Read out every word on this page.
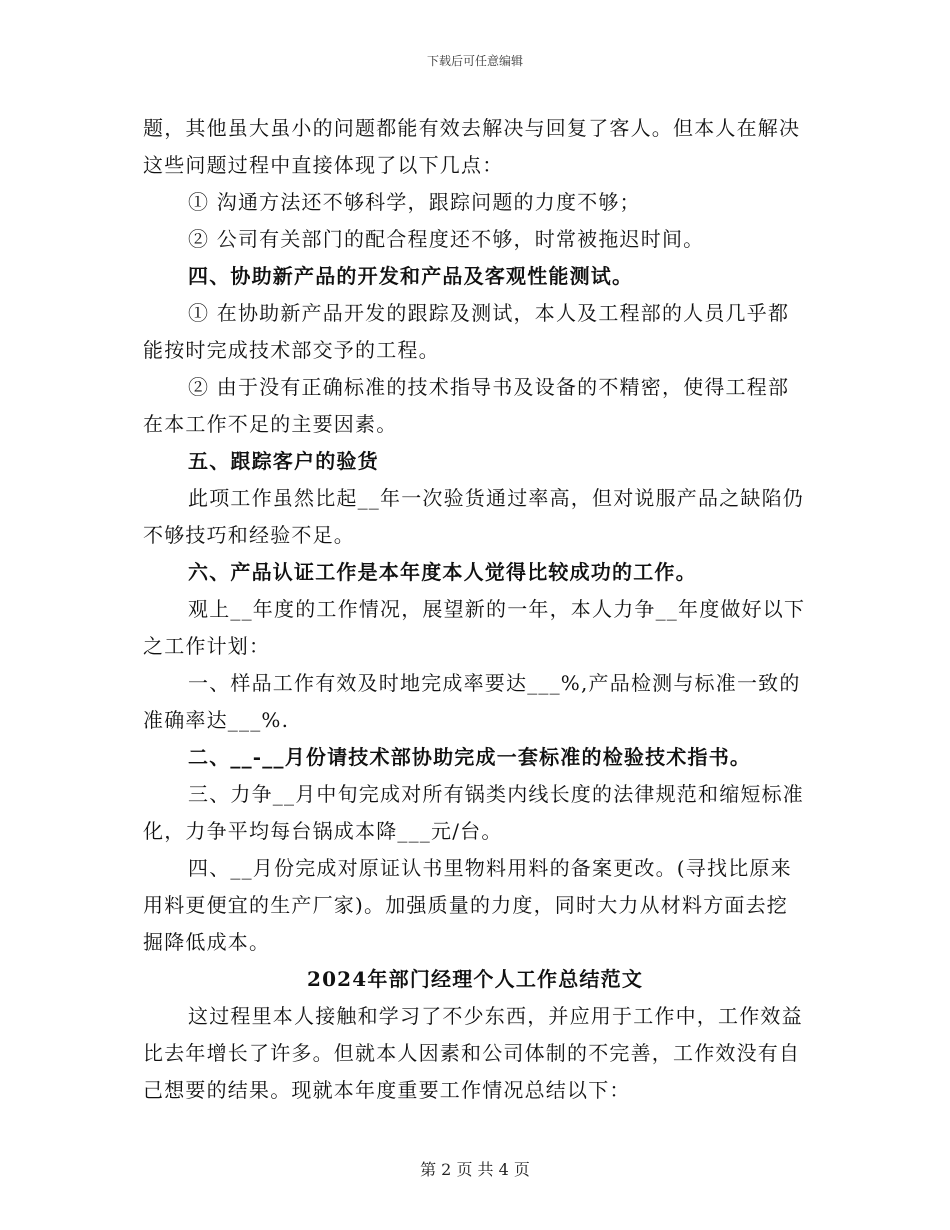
下载后可任意编辑

题，其他虽大虽小的问题都能有效去解决与回复了客人。但本人在解决这些问题过程中直接体现了以下几点：

① 沟通方法还不够科学，跟踪问题的力度不够；

② 公司有关部门的配合程度还不够，时常被拖迟时间。

四、协助新产品的开发和产品及客观性能测试。

① 在协助新产品开发的跟踪及测试，本人及工程部的人员几乎都能按时完成技术部交予的工程。

② 由于没有正确标准的技术指导书及设备的不精密，使得工程部在本工作不足的主要因素。

五、跟踪客户的验货

此项工作虽然比起__年一次验货通过率高，但对说服产品之缺陷仍不够技巧和经验不足。

六、产品认证工作是本年度本人觉得比较成功的工作。

观上__年度的工作情况，展望新的一年，本人力争__年度做好以下之工作计划：

一、样品工作有效及时地完成率要达___%,产品检测与标准一致的准确率达___%.

二、__-__月份请技术部协助完成一套标准的检验技术指书。

三、力争__月中旬完成对所有锅类内线长度的法律规范和缩短标准化，力争平均每台锅成本降___元/台。

四、__月份完成对原证认书里物料用料的备案更改。(寻找比原来用料更便宜的生产厂家)。加强质量的力度，同时大力从材料方面去挖掘降低成本。

2024年部门经理个人工作总结范文

这过程里本人接触和学习了不少东西，并应用于工作中，工作效益比去年增长了许多。但就本人因素和公司体制的不完善，工作效没有自己想要的结果。现就本年度重要工作情况总结以下：

第 2 页 共 4 页
